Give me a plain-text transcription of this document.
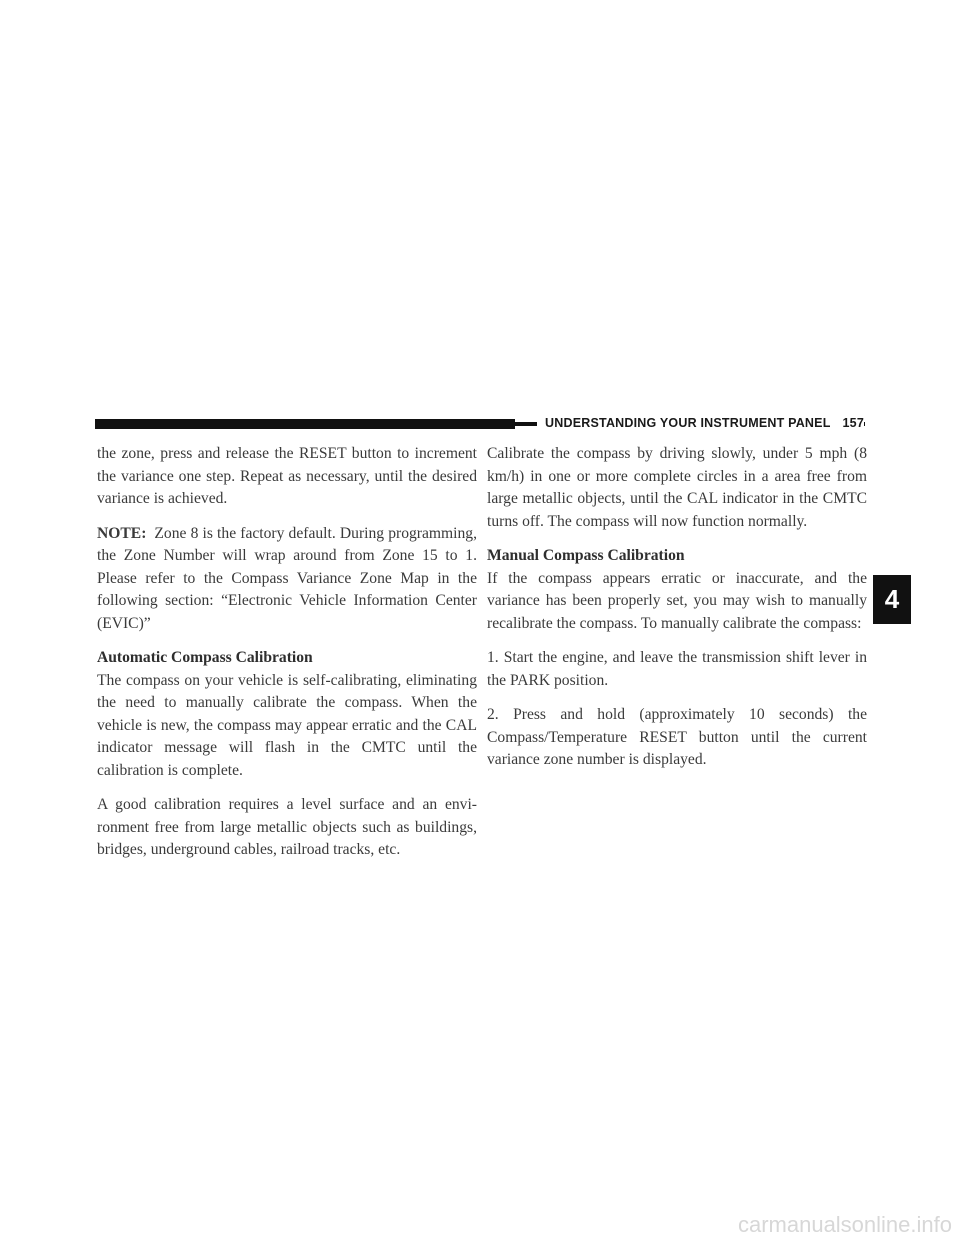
UNDERSTANDING YOUR INSTRUMENT PANEL 157

the zone, press and release the RESET button to increment the variance one step. Repeat as necessary, until the desired variance is achieved.

NOTE: Zone 8 is the factory default. During programming, the Zone Number will wrap around from Zone 15 to 1. Please refer to the Compass Variance Zone Map in the following section: “Electronic Vehicle Information Center (EVIC)”

Automatic Compass Calibration

The compass on your vehicle is self-calibrating, eliminating the need to manually calibrate the compass. When the vehicle is new, the compass may appear erratic and the CAL indicator message will flash in the CMTC until the calibration is complete.

A good calibration requires a level surface and an environment free from large metallic objects such as buildings, bridges, underground cables, railroad tracks, etc.

Calibrate the compass by driving slowly, under 5 mph (8 km/h) in one or more complete circles in a area free from large metallic objects, until the CAL indicator in the CMTC turns off. The compass will now function normally.

Manual Compass Calibration

If the compass appears erratic or inaccurate, and the variance has been properly set, you may wish to manually recalibrate the compass. To manually calibrate the compass:

1. Start the engine, and leave the transmission shift lever in the PARK position.

2. Press and hold (approximately 10 seconds) the Compass/Temperature RESET button until the current variance zone number is displayed.

4
carmanualsonline.info
